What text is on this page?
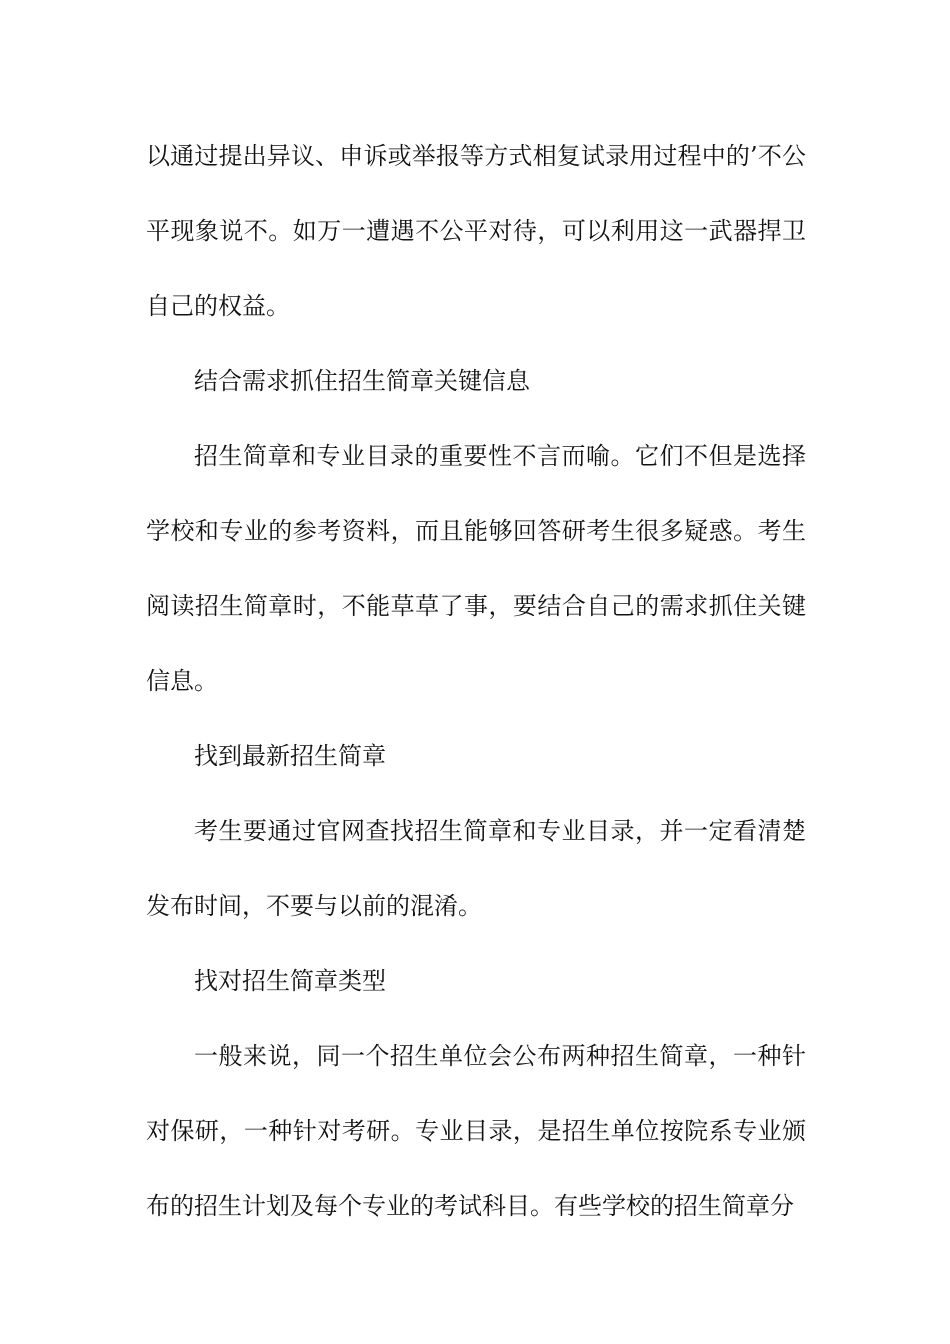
以通过提出异议、申诉或举报等方式相复试录用过程中的’不公平现象说不。如万一遭遇不公平对待，可以利用这一武器捍卫自己的权益。

结合需求抓住招生简章关键信息

招生简章和专业目录的重要性不言而喻。它们不但是选择学校和专业的参考资料，而且能够回答研考生很多疑惑。考生阅读招生简章时，不能草草了事，要结合自己的需求抓住关键信息。

找到最新招生简章

考生要通过官网查找招生简章和专业目录，并一定看清楚发布时间，不要与以前的混淆。

找对招生简章类型

一般来说，同一个招生单位会公布两种招生简章，一种针对保研，一种针对考研。专业目录，是招生单位按院系专业颁布的招生计划及每个专业的考试科目。有些学校的招生简章分
